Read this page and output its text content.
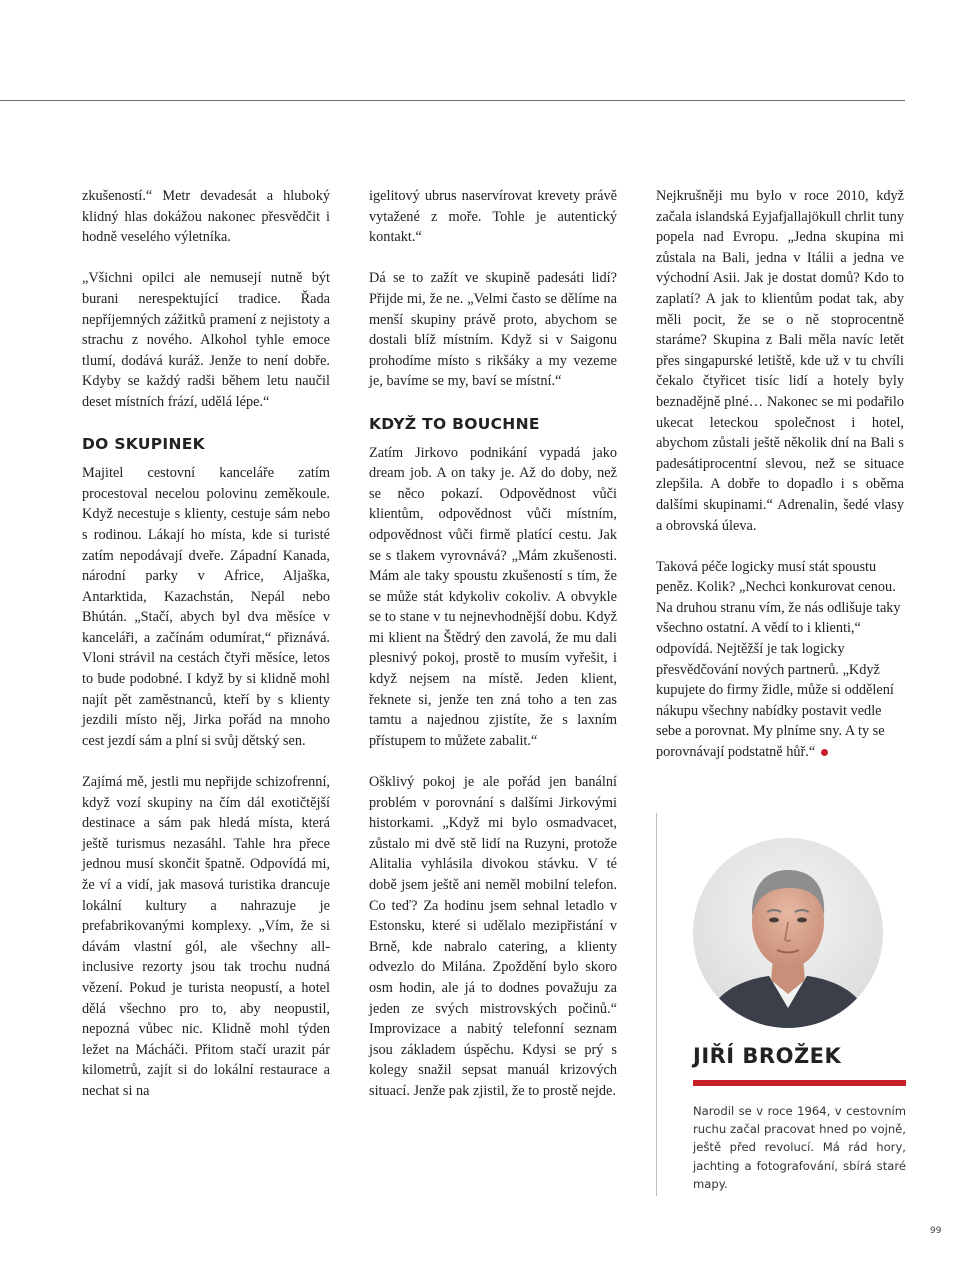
zkušeností.“ Metr devadesát a hluboký klidný hlas dokážou nakonec přesvědčit i hodně veselého výletníka.

„Všichni opilci ale nemusejí nutně být burani nerespektující tradice. Řada nepříjemných zážitků pramení z nejistoty a strachu z nového. Alkohol tyhle emoce tlumí, dodává kuráž. Jenže to není dobře. Kdyby se každý radši během letu naučil deset místních frází, udělá lépe.“

DO SKUPINEK

Majitel cestovní kanceláře zatím procestoval necelou polovinu zeměkoule. Když necestuje s klienty, cestuje sám nebo s rodinou. Lákají ho místa, kde si turisté zatím nepodávají dveře. Západní Kanada, národní parky v Africe, Aljaška, Antarktida, Kazachstán, Nepál nebo Bhútán. „Stačí, abych byl dva měsíce v kanceláři, a začínám odumírat,“ přiznává. Vloni strávil na cestách čtyři měsíce, letos to bude podobné. I když by si klidně mohl najít pět zaměstnanců, kteří by s klienty jezdili místo něj, Jirka pořád na mnoho cest jezdí sám a plní si svůj dětský sen.

Zajímá mě, jestli mu nepřijde schizofrenní, když vozí skupiny na čím dál exotičtější destinace a sám pak hledá místa, která ještě turismus nezasáhl. Tahle hra přece jednou musí skončit špatně. Odpovídá mi, že ví a vidí, jak masová turistika drancuje lokální kultury a nahrazuje je prefabrikovanými komplexy. „Vím, že si dávám vlastní gól, ale všechny all-inclusive rezorty jsou tak trochu nudná vězení. Pokud je turista neopustí, a hotel dělá všechno pro to, aby neopustil, nepozná vůbec nic. Klidně mohl týden ležet na Mácháči. Přitom stačí urazit pár kilometrů, zajít si do lokální restaurace a nechat si na

igelitový ubrus naservírovat krevety právě vytažené z moře. Tohle je autentický kontakt.“

Dá se to zažít ve skupině padesáti lidí? Přijde mi, že ne. „Velmi často se dělíme na menší skupiny právě proto, abychom se dostali blíž místním. Když si v Saigonu prohodíme místo s rikšáky a my vezeme je, bavíme se my, baví se místní.“

KDYŽ TO BOUCHNE

Zatím Jirkovo podnikání vypadá jako dream job. A on taky je. Až do doby, než se něco pokazí. Odpovědnost vůči klientům, odpovědnost vůči místním, odpovědnost vůči firmě platící cestu. Jak se s tlakem vyrovnává? „Mám zkušenosti. Mám ale taky spoustu zkušeností s tím, že se může stát kdykoliv cokoliv. A obvykle se to stane v tu nejnevhodnější dobu. Když mi klient na Štědrý den zavolá, že mu dali plesnivý pokoj, prostě to musím vyřešit, i když nejsem na místě. Jeden klient, řeknete si, jenže ten zná toho a ten zas tamtu a najednou zjistíte, že s laxním přístupem to můžete zabalit.“

Ošklivý pokoj je ale pořád jen banální problém v porovnání s dalšími Jirkovými historkami. „Když mi bylo osmadvacet, zůstalo mi dvě stě lidí na Ruzyni, protože Alitalia vyhlásila divokou stávku. V té době jsem ještě ani neměl mobilní telefon. Co teď? Za hodinu jsem sehnal letadlo v Estonsku, které si udělalo mezipřistání v Brně, kde nabralo catering, a klienty odvezlo do Milána. Zpoždění bylo skoro osm hodin, ale já to dodnes považuju za jeden ze svých mistrovských počinů.“ Improvizace a nabitý telefonní seznam jsou základem úspěchu. Kdysi se prý s kolegy snažil sepsat manuál krizových situací. Jenže pak zjistil, že to prostě nejde.

Nejkrušněji mu bylo v roce 2010, když začala islandská Eyjafjallajökull chrlit tuny popela nad Evropu. „Jedna skupina mi zůstala na Bali, jedna v Itálii a jedna ve východní Asii. Jak je dostat domů? Kdo to zaplatí? A jak to klientům podat tak, aby měli pocit, že se o ně stoprocentně staráme? Skupina z Bali měla navíc letět přes singapurské letiště, kde už v tu chvíli čekalo čtyřicet tisíc lidí a hotely byly beznadějně plné… Nakonec se mi podařilo ukecat leteckou společnost i hotel, abychom zůstali ještě několik dní na Bali s padesátiprocentní slevou, než se situace zlepšila. A dobře to dopadlo i s oběma dalšími skupinami.“ Adrenalin, šedé vlasy a obrovská úleva.

Taková péče logicky musí stát spoustu peněz. Kolik? „Nechci konkurovat cenou. Na druhou stranu vím, že nás odlišuje taky všechno ostatní. A vědí to i klienti,“ odpovídá. Nejtěžší je tak logicky přesvědčování nových partnerů. „Když kupujete do firmy židle, může si oddělení nákupu všechny nabídky postavit vedle sebe a porovnat. My plníme sny. A ty se porovnávají podstatně hůř.“

JIŘÍ BROŽEK
Narodil se v roce 1964, v cestovním ruchu začal pracovat hned po vojně, ještě před revolucí. Má rád hory, jachting a fotografování, sbírá staré mapy.
99
